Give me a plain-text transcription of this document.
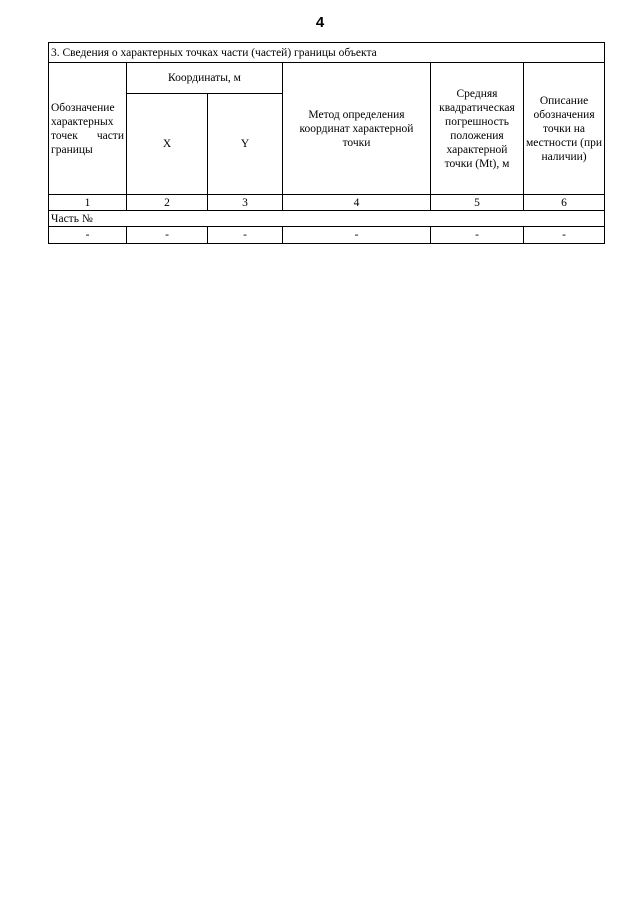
4
3. Сведения о характерных точках части (частей) границы объекта					
Обозначение характерных точек части границы	Координаты, м		Метод определения координат характерной точки	Средняя квадратическая погрешность положения характерной точки (Mt), м	Описание обозначения точки на местности (при наличии)
	X	Y			
1	2	3	4	5	6
Часть №					
-	-	-	-	-	-
